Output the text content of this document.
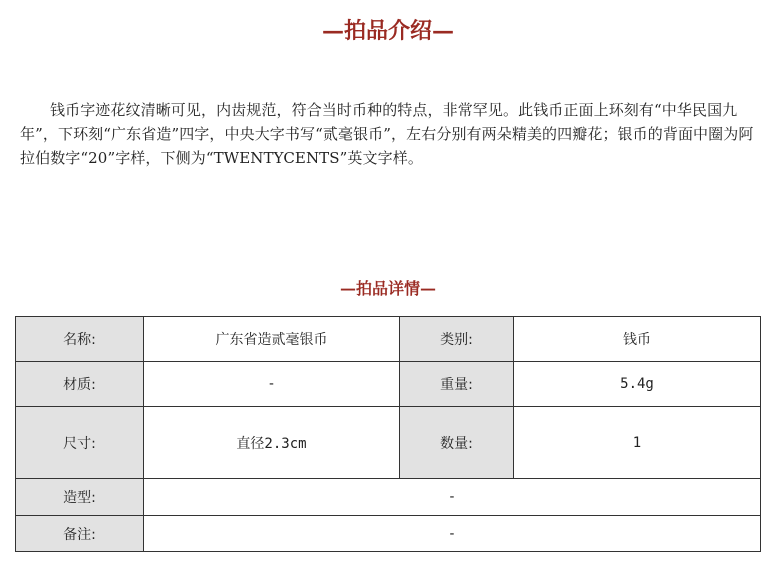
—拍品介绍—

钱币字迹花纹清晰可见，内齿规范，符合当时币种的特点，非常罕见。此钱币正面上环刻有“中华民国九年”，下环刻“广东省造”四字，中央大字书写“贰毫银币”，左右分别有两朵精美的四瓣花；银币的背面中圈为阿拉伯数字“20”字样，下侧为“TWENTYCENTS”英文字样。

—拍品详情—
名称:	广东省造贰毫银币	类别:	钱币
材质:	-	重量:	5.4g
尺寸:	直径2.3cm	数量:	1
造型:	-		
备注:	-		
